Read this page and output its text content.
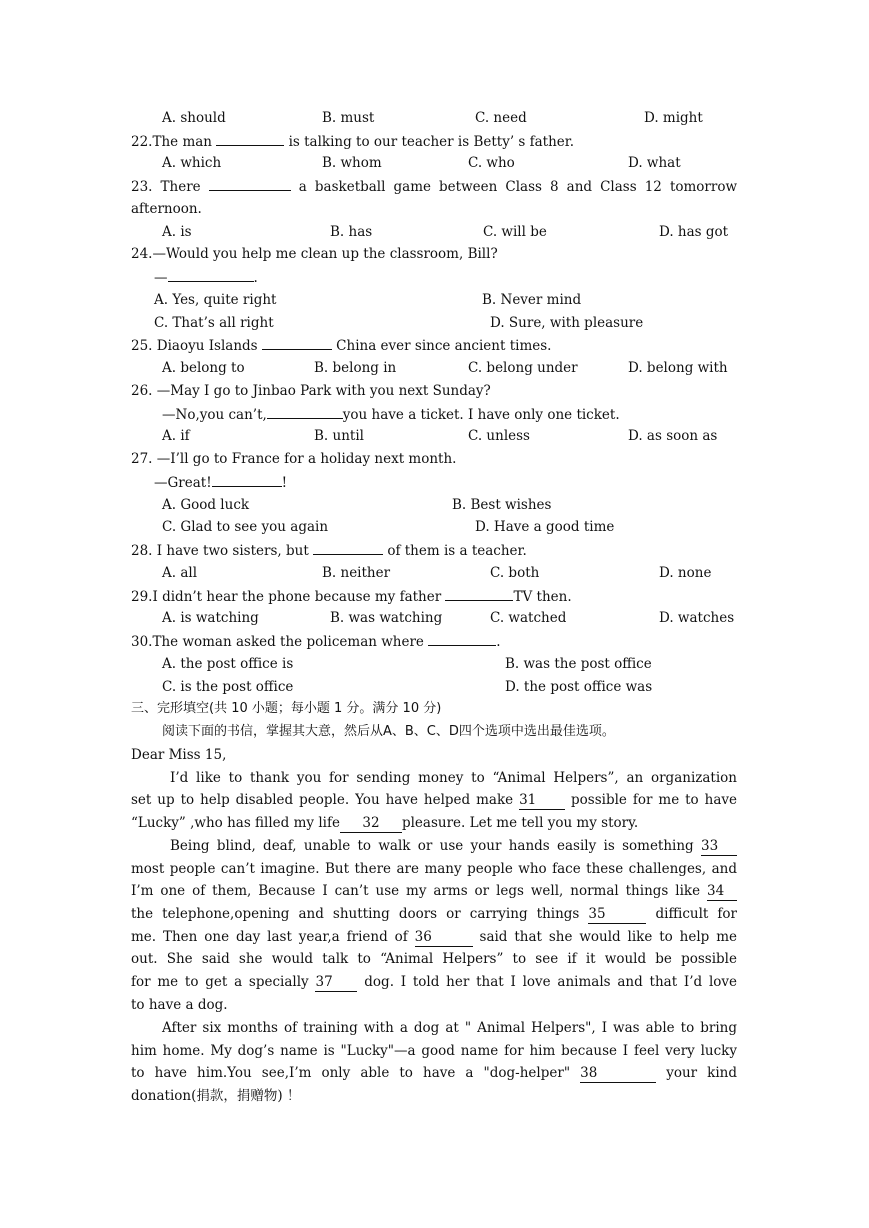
A. should	B. must	C. need	D. might
22.The man	is talking to our teacher is Betty’ s father.
A. which	B. whom	C. who	D. what
23. There	a basketball game between Class 8 and Class 12 tomorrow
afternoon.
A. is	B. has	C. will be	D. has got
24.—Would you help me clean up the classroom, Bill?
—	.
A. Yes, quite right	B. Never mind
C. That’s all right	D. Sure, with pleasure
25. Diaoyu Islands	China ever since ancient times.
A. belong to	B. belong in	C. belong under	D. belong with
26. —May I go to Jinbao Park with you next Sunday?
—No,you can’t,	you have a ticket. I have only one ticket.
A. if	B. until	C. unless	D. as soon as
27. —I’ll go to France for a holiday next month.
—Great!	!
A. Good luck	B. Best wishes
C. Glad to see you again	D. Have a good time
28. I have two sisters, but	of them is a teacher.
A. all	B. neither	C. both	D. none
29.I didn’t hear the phone because my father	TV then.
A. is watching	B. was watching	C. watched	D. watches
30.The woman asked the policeman where	.
A. the post office is	B. was the post office
C. is the post office	D. the post office was
三、完形填空(共 10 小题；每小题 1 分。满分 10 分)
阅读下面的书信，掌握其大意，然后从A、B、C、D四个选项中选出最佳选项。
Dear Miss 15,
I’d like to thank you for sending money to “Animal Helpers”, an organization
set up to help disabled people. You have helped make 31	possible for me to have
“Lucky” ,who has filled my life 32 pleasure. Let me tell you my story.
Being blind, deaf, unable to walk or use your hands easily is something 33
most people can’t imagine. But there are many people who face these challenges, and
I’m one of them, Because I can’t use my arms or legs well, normal things like 34
the telephone,opening and shutting doors or carrying things 35	difficult for
me. Then one day last year,a friend of 36	said that she would like to help me
out. She said she would talk to “Animal Helpers” to see if it would be possible
for me to get a specially 37 dog. I told her that I love animals and that I’d love
to have a dog.
After six months of training with a dog at " Animal Helpers", I was able to bring
him home. My dog’s name is "Lucky"—a good name for him because I feel very lucky
to have him.You see,I’m only able to have a "dog-helper" 38	your kind
donation(捐款，捐赠物) ！
